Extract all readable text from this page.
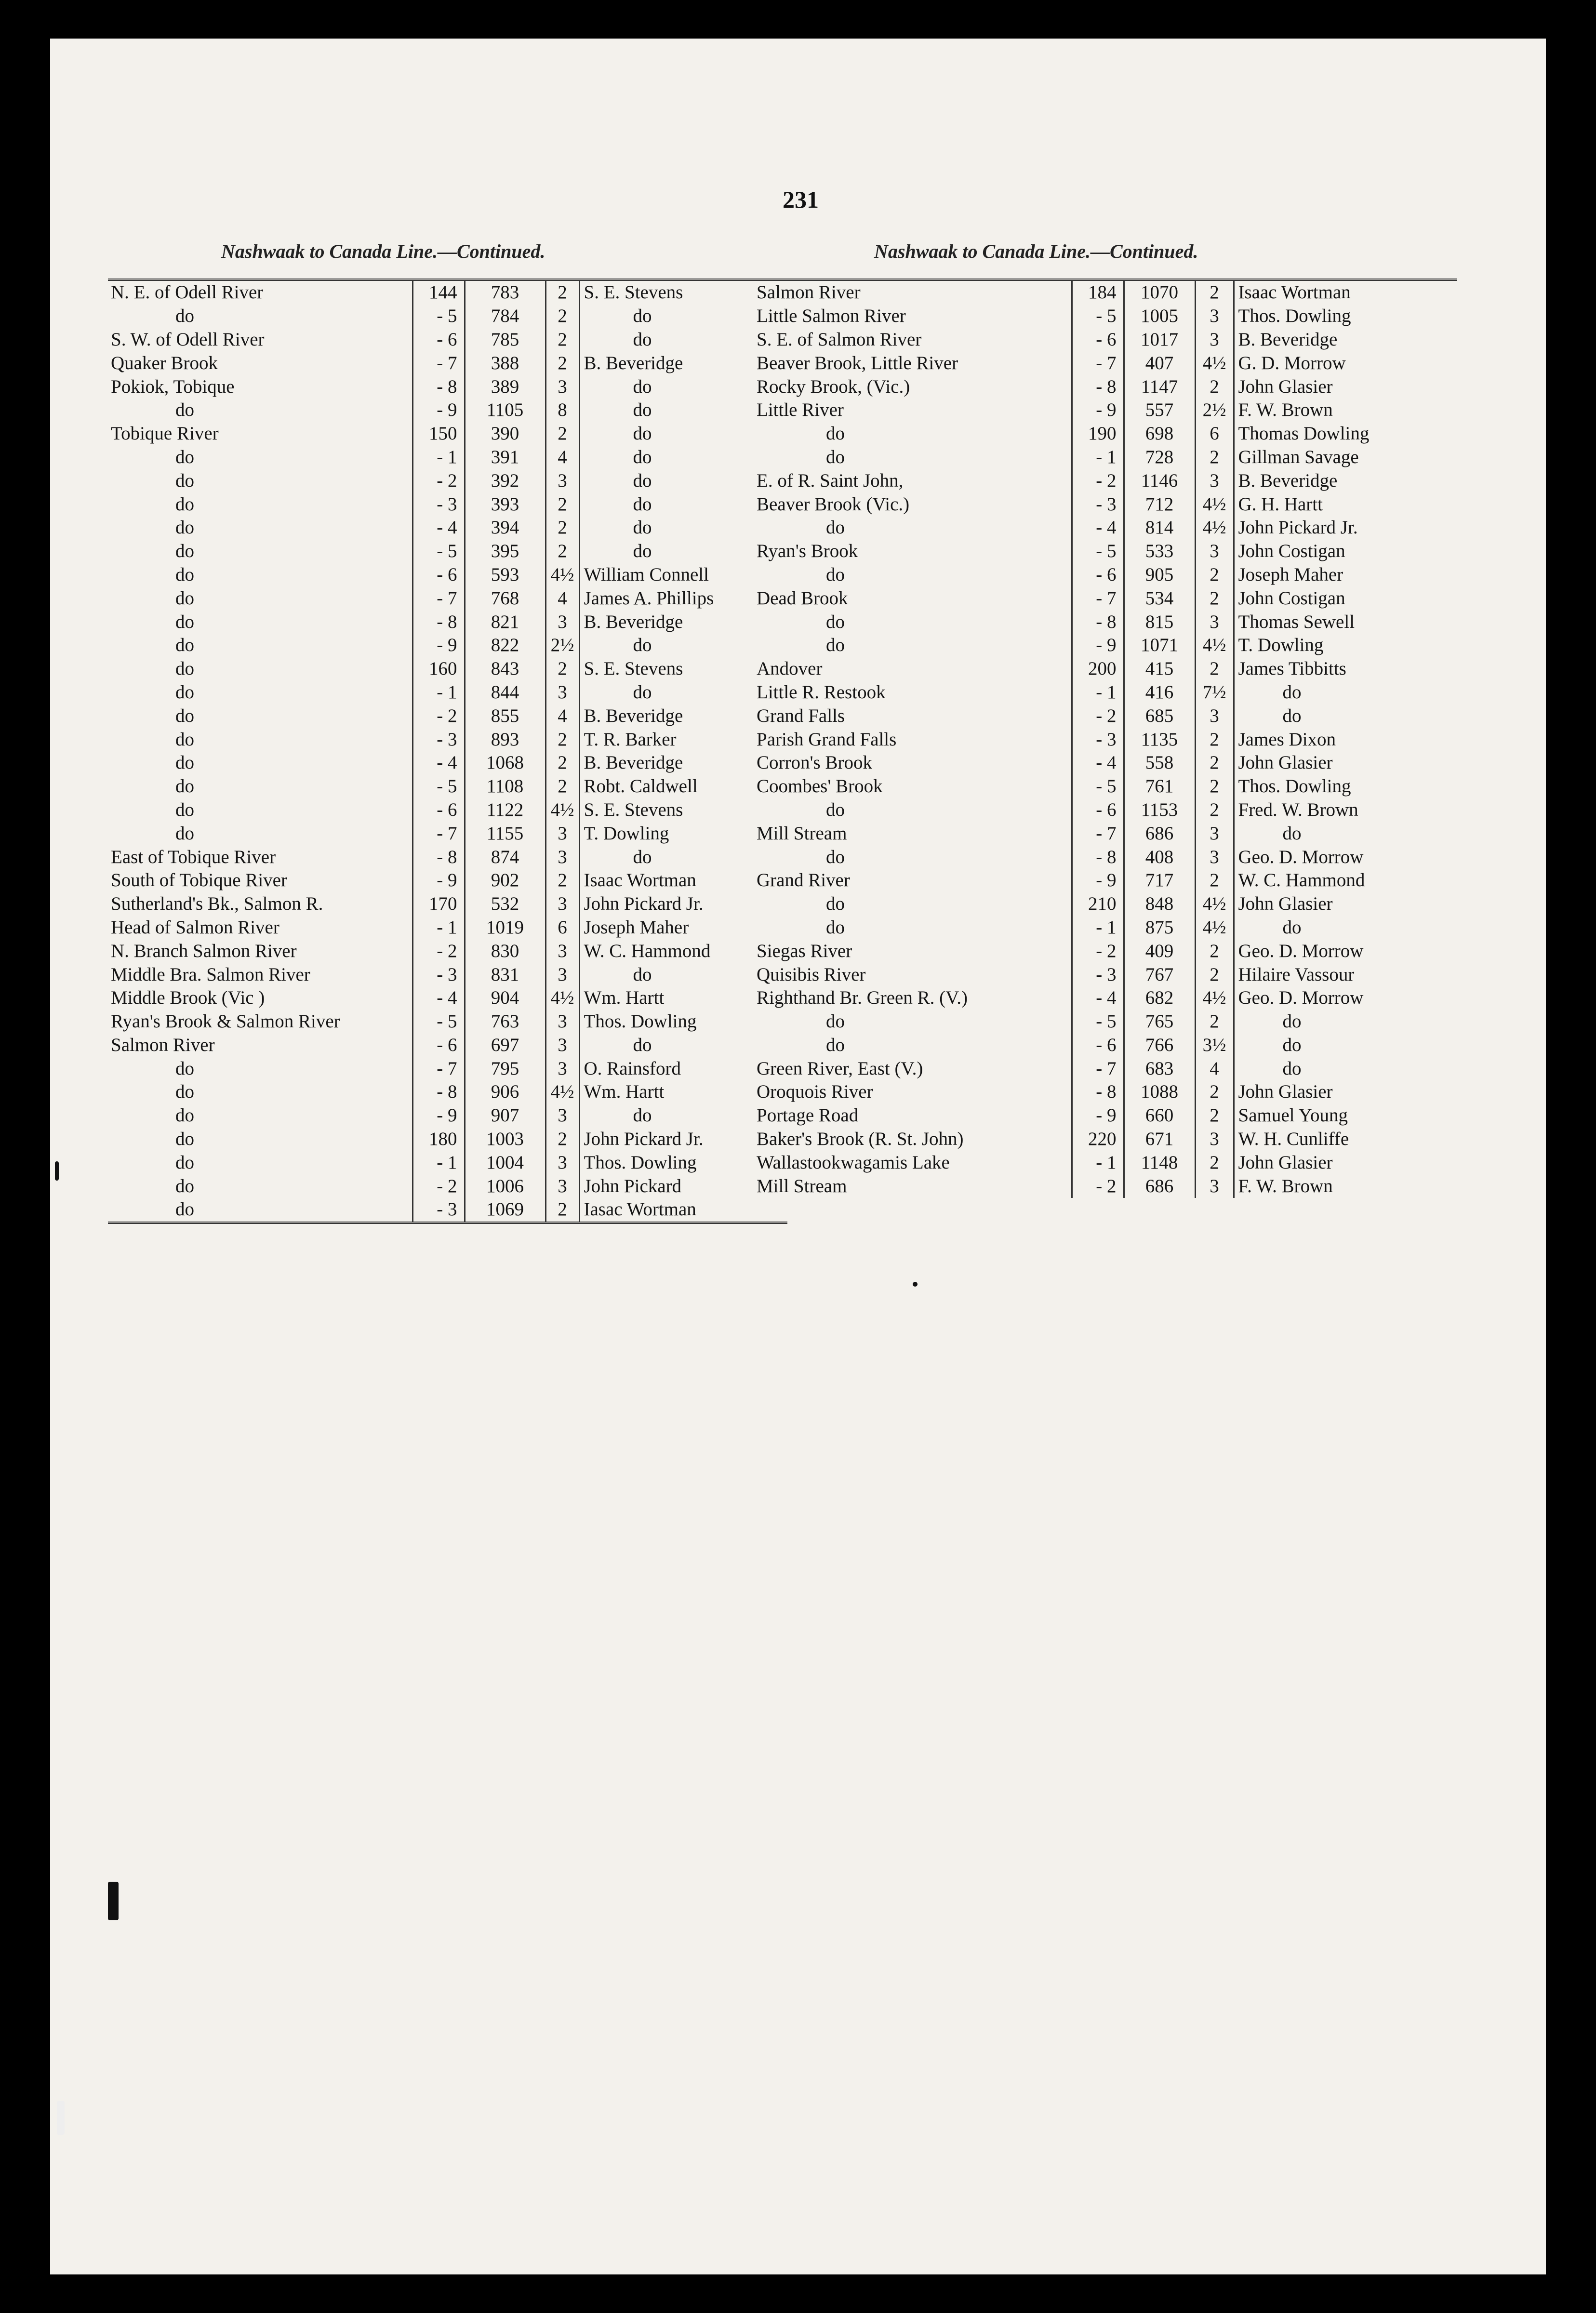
231
Nashwaak to Canada Line.—Continued.	Nashwaak to Canada Line.—Continued.
N. E. of Odell River	144	783	2	S. E. Stevens
do	- 5	784	2	do
S. W. of Odell River	- 6	785	2	do
Quaker Brook	- 7	388	2	B. Beveridge
Pokiok, Tobique	- 8	389	3	do
do	- 9	1105	8	do
Tobique River	150	390	2	do
do	- 1	391	4	do
do	- 2	392	3	do
do	- 3	393	2	do
do	- 4	394	2	do
do	- 5	395	2	do
do	- 6	593	4½	William Connell
do	- 7	768	4	James A. Phillips
do	- 8	821	3	B. Beveridge
do	- 9	822	2½	do
do	160	843	2	S. E. Stevens
do	- 1	844	3	do
do	- 2	855	4	B. Beveridge
do	- 3	893	2	T. R. Barker
do	- 4	1068	2	B. Beveridge
do	- 5	1108	2	Robt. Caldwell
do	- 6	1122	4½	S. E. Stevens
do	- 7	1155	3	T. Dowling
East of Tobique River	- 8	874	3	do
South of Tobique River	- 9	902	2	Isaac Wortman
Sutherland's Bk., Salmon R.	170	532	3	John Pickard Jr.
Head of Salmon River	- 1	1019	6	Joseph Maher
N. Branch Salmon River	- 2	830	3	W. C. Hammond
Middle Bra. Salmon River	- 3	831	3	do
Middle Brook (Vic )	- 4	904	4½	Wm. Hartt
Ryan's Brook & Salmon River	- 5	763	3	Thos. Dowling
Salmon River	- 6	697	3	do
do	- 7	795	3	O. Rainsford
do	- 8	906	4½	Wm. Hartt
do	- 9	907	3	do
do	180	1003	2	John Pickard Jr.
do	- 1	1004	3	Thos. Dowling
do	- 2	1006	3	John Pickard
do	- 3	1069	2	Iasac Wortman
Salmon River	184	1070	2	Isaac Wortman
Little Salmon River	- 5	1005	3	Thos. Dowling
S. E. of Salmon River	- 6	1017	3	B. Beveridge
Beaver Brook, Little River	- 7	407	4½	G. D. Morrow
Rocky Brook, (Vic.)	- 8	1147	2	John Glasier
Little River	- 9	557	2½	F. W. Brown
do	190	698	6	Thomas Dowling
do	- 1	728	2	Gillman Savage
E. of R. Saint John,	- 2	1146	3	B. Beveridge
Beaver Brook (Vic.)	- 3	712	4½	G. H. Hartt
do	- 4	814	4½	John Pickard Jr.
Ryan's Brook	- 5	533	3	John Costigan
do	- 6	905	2	Joseph Maher
Dead Brook	- 7	534	2	John Costigan
do	- 8	815	3	Thomas Sewell
do	- 9	1071	4½	T. Dowling
Andover	200	415	2	James Tibbitts
Little R. Restook	- 1	416	7½	do
Grand Falls	- 2	685	3	do
Parish Grand Falls	- 3	1135	2	James Dixon
Corron's Brook	- 4	558	2	John Glasier
Coombes' Brook	- 5	761	2	Thos. Dowling
do	- 6	1153	2	Fred. W. Brown
Mill Stream	- 7	686	3	do
do	- 8	408	3	Geo. D. Morrow
Grand River	- 9	717	2	W. C. Hammond
do	210	848	4½	John Glasier
do	- 1	875	4½	do
Siegas River	- 2	409	2	Geo. D. Morrow
Quisibis River	- 3	767	2	Hilaire Vassour
Righthand Br. Green R. (V.)	- 4	682	4½	Geo. D. Morrow
do	- 5	765	2	do
do	- 6	766	3½	do
Green River, East (V.)	- 7	683	4	do
Oroquois River	- 8	1088	2	John Glasier
Portage Road	- 9	660	2	Samuel Young
Baker's Brook (R. St. John)	220	671	3	W. H. Cunliffe
Wallastookwagamis Lake	- 1	1148	2	John Glasier
Mill Stream	- 2	686	3	F. W. Brown
